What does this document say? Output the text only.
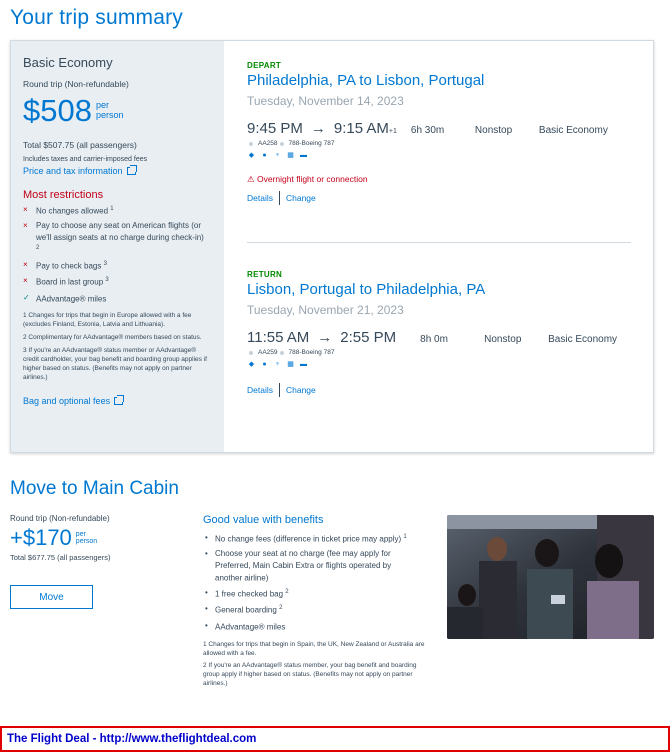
Your trip summary
Basic Economy
Round trip (Non-refundable)
$508 per
person
Total $507.75 (all passengers)
Includes taxes and carrier-imposed fees
Price and tax information
Most restrictions
×	No changes allowed $^1$
×	Pay to choose any seat on American flights (or we'll assign seats at no charge during check-in) $^2$
×	Pay to check bags $^3$
×	Board in last group $^3$
✓ AAdvantage® miles
1 Changes for trips that begin in Europe allowed with a fee (excludes Finland, Estonia, Latvia and Lithuania).
2 Complimentary for AAdvantage® members based on status.
3 If you're an AAdvantage® status member or AAdvantage® credit cardholder, your bag benefit and boarding group applies if higher based on status. (Benefits may not apply on partner airlines.)
Bag and optional fees
DEPART
Philadelphia, PA to Lisbon, Portugal
Tuesday, November 14, 2023
9:45 PM → 9:15 AM +1 6h 30m	Nonstop	Basic Economy
AA258 788-Boeing 787
◆	●	♆ ▦ ▬
⚠ Overnight flight or connection
Details Change
RETURN
Lisbon, Portugal to Philadelphia, PA
Tuesday, November 21, 2023
11:55 AM → 2:55 PM 8h 0m	Nonstop	Basic Economy
AA259 788-Boeing 787
◆	●	♆ ▦ ▬
Details Change
Move to Main Cabin
Round trip (Non-refundable)
+$170 per
person
Total $677.75 (all passengers)
Move
Good value with benefits
• No change fees (difference in ticket price may apply) $^1$
• Choose your seat at no charge (fee may apply for Preferred, Main Cabin Extra or flights operated by another airline)
• 1 free checked bag $^2$
• General boarding $^2$
• AAdvantage® miles
1 Changes for trips that begin in Spain, the UK, New Zealand or Australia are allowed with a fee.
2 If you're an AAdvantage® status member, your bag benefit and boarding group apply if higher based on status. (Benefits may not apply on partner airlines.)
The Flight Deal - http://www.theflightdeal.com
